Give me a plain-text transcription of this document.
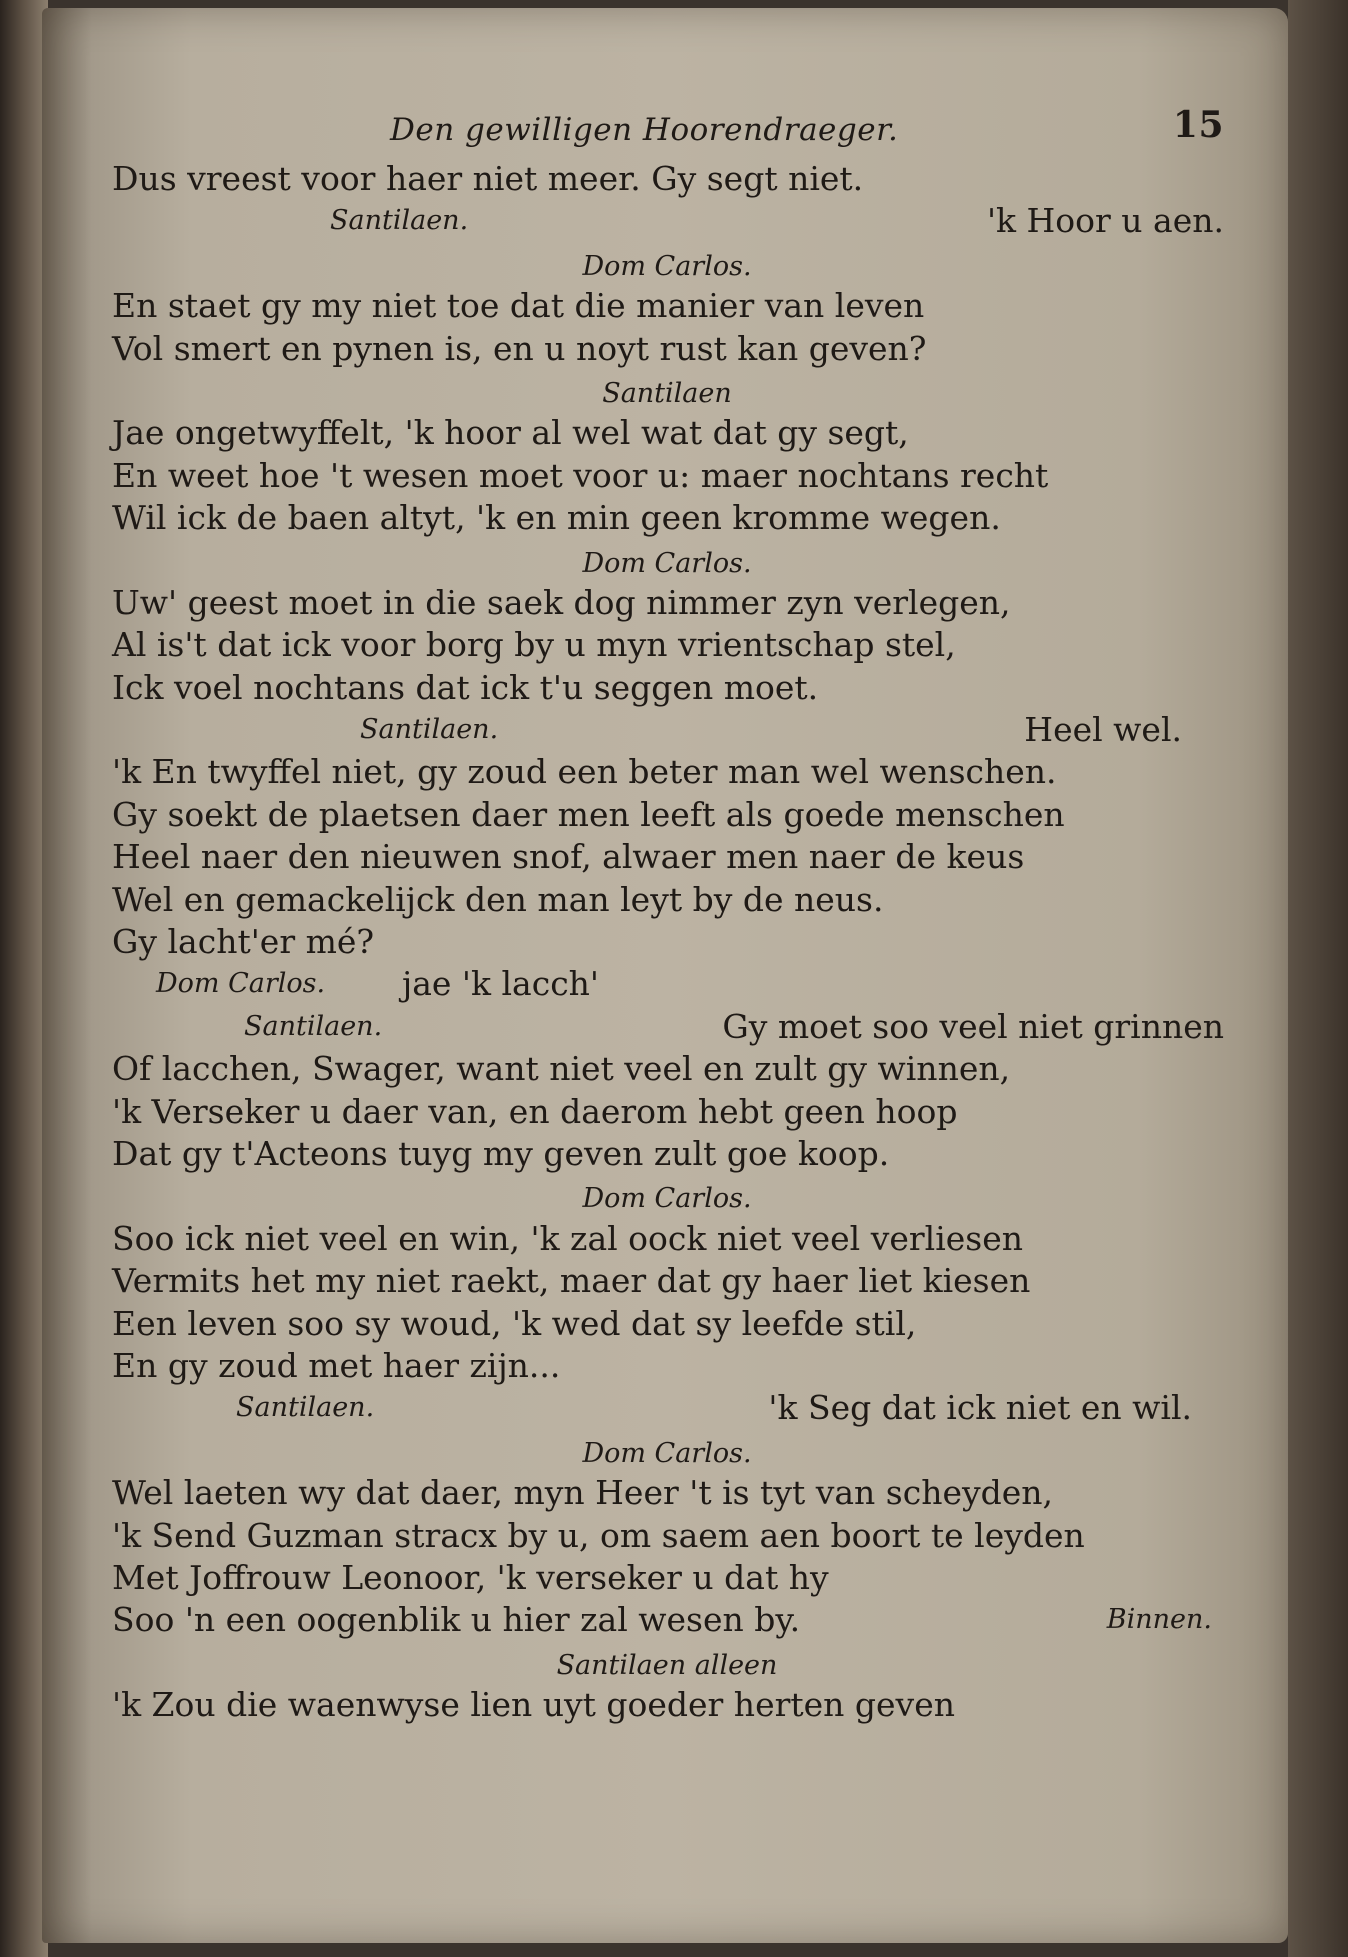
Den gewilligen Hoorendraeger.	15
Dus vreest voor haer niet meer. Gy segt niet.
Santilaen.	'k Hoor u aen.
Dom Carlos.
En staet gy my niet toe dat die manier van leven
Vol smert en pynen is, en u noyt rust kan geven?
Santilaen
Jae ongetwyffelt, 'k hoor al wel wat dat gy segt,
En weet hoe 't wesen moet voor u: maer nochtans recht
Wil ick de baen altyt, 'k en min geen kromme wegen.
Dom Carlos.
Uw' geest moet in die saek dog nimmer zyn verlegen,
Al is't dat ick voor borg by u myn vrientschap stel,
Ick voel nochtans dat ick t'u seggen moet.
Santilaen.	Heel wel.
'k En twyffel niet, gy zoud een beter man wel wenschen.
Gy soekt de plaetsen daer men leeft als goede menschen
Heel naer den nieuwen snof, alwaer men naer de keus
Wel en gemackelijck den man leyt by de neus.
Gy lacht'er mé?
Dom Carlos. jae 'k lacch'
Santilaen.	Gy moet soo veel niet grinnen
Of lacchen, Swager, want niet veel en zult gy winnen,
'k Verseker u daer van, en daerom hebt geen hoop
Dat gy t'Acteons tuyg my geven zult goe koop.
Dom Carlos.
Soo ick niet veel en win, 'k zal oock niet veel verliesen
Vermits het my niet raekt, maer dat gy haer liet kiesen
Een leven soo sy woud, 'k wed dat sy leefde stil,
En gy zoud met haer zijn...
Santilaen.	'k Seg dat ick niet en wil.
Dom Carlos.
Wel laeten wy dat daer, myn Heer 't is tyt van scheyden,
'k Send Guzman stracx by u, om saem aen boort te leyden
Met Joffrouw Leonoor, 'k verseker u dat hy
Soo 'n een oogenblik u hier zal wesen by.	Binnen.
Santilaen alleen
'k Zou die waenwyse lien uyt goeder herten geven
